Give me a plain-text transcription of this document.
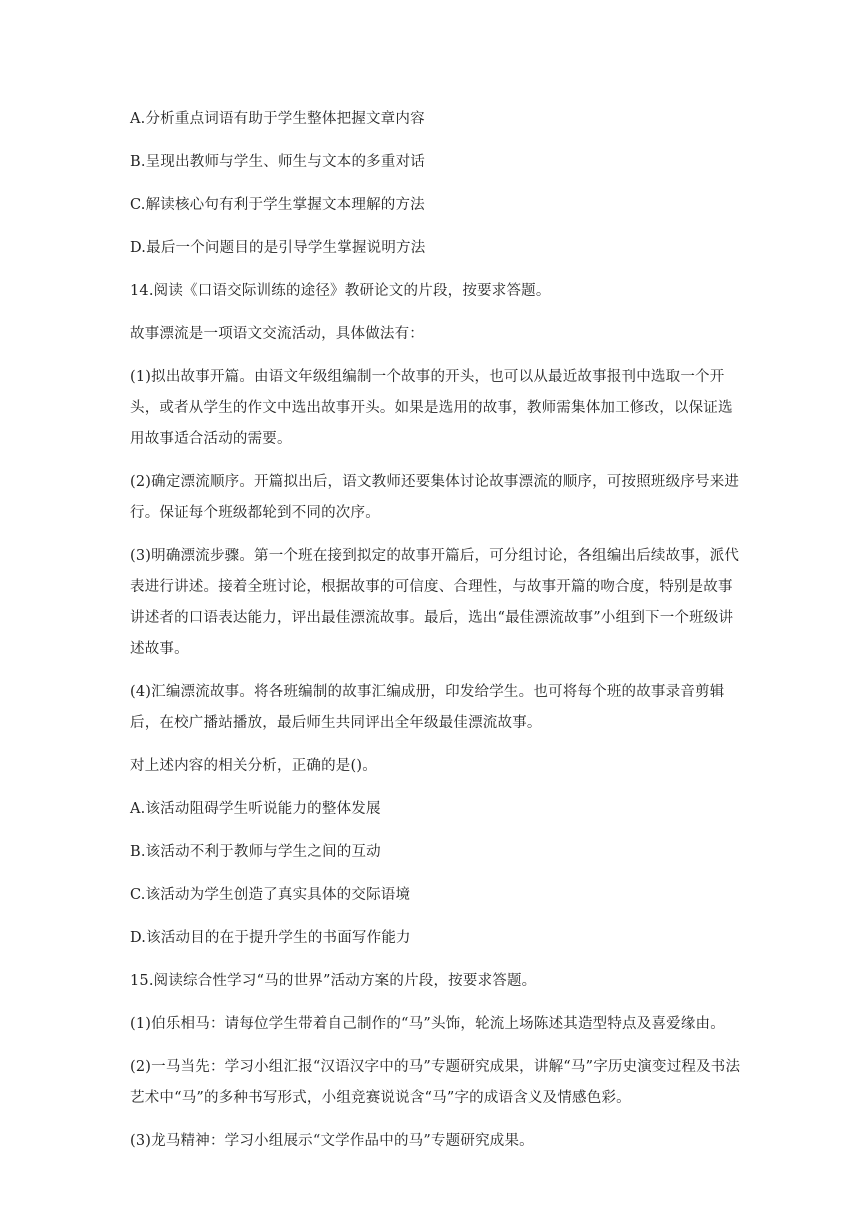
A.分析重点词语有助于学生整体把握文章内容

B.呈现出教师与学生、师生与文本的多重对话

C.解读核心句有利于学生掌握文本理解的方法

D.最后一个问题目的是引导学生掌握说明方法

14.阅读《口语交际训练的途径》教研论文的片段，按要求答题。

故事漂流是一项语文交流活动，具体做法有：

(1)拟出故事开篇。由语文年级组编制一个故事的开头，也可以从最近故事报刊中选取一个开头，或者从学生的作文中选出故事开头。如果是选用的故事，教师需集体加工修改，以保证选用故事适合活动的需要。

(2)确定漂流顺序。开篇拟出后，语文教师还要集体讨论故事漂流的顺序，可按照班级序号来进行。保证每个班级都轮到不同的次序。

(3)明确漂流步骤。第一个班在接到拟定的故事开篇后，可分组讨论，各组编出后续故事，派代表进行讲述。接着全班讨论，根据故事的可信度、合理性，与故事开篇的吻合度，特别是故事讲述者的口语表达能力，评出最佳漂流故事。最后，选出“最佳漂流故事”小组到下一个班级讲述故事。

(4)汇编漂流故事。将各班编制的故事汇编成册，印发给学生。也可将每个班的故事录音剪辑后，在校广播站播放，最后师生共同评出全年级最佳漂流故事。

对上述内容的相关分析，正确的是()。

A.该活动阻碍学生听说能力的整体发展

B.该活动不利于教师与学生之间的互动

C.该活动为学生创造了真实具体的交际语境

D.该活动目的在于提升学生的书面写作能力

15.阅读综合性学习“马的世界”活动方案的片段，按要求答题。

(1)伯乐相马：请每位学生带着自己制作的“马”头饰，轮流上场陈述其造型特点及喜爱缘由。

(2)一马当先：学习小组汇报“汉语汉字中的马”专题研究成果，讲解“马”字历史演变过程及书法艺术中“马”的多种书写形式，小组竞赛说说含“马”字的成语含义及情感色彩。

(3)龙马精神：学习小组展示“文学作品中的马”专题研究成果。
